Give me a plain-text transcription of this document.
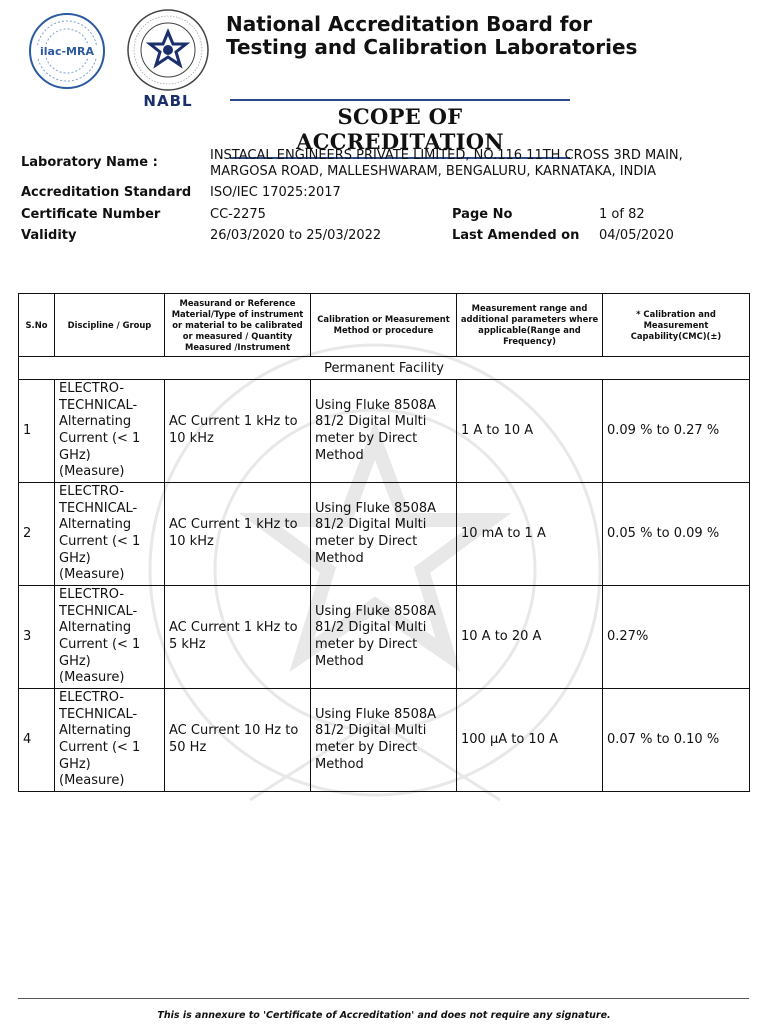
ilac-MRA
NABL
National Accreditation Board for
Testing and Calibration Laboratories
SCOPE OF ACCREDITATION
Laboratory Name :	INSTACAL ENGINEERS PRIVATE LIMITED, NO.116 11TH CROSS 3RD MAIN,
MARGOSA ROAD, MALLESHWARAM, BENGALURU, KARNATAKA, INDIA
Accreditation Standard ISO/IEC 17025:2017
Certificate Number	CC-2275	Page No	1 of 82
Validity	26/03/2020 to 25/03/2022	Last Amended on 04/05/2020
S.No	Discipline / Group	Measurand or Reference Material/Type of instrument or material to be calibrated or measured / Quantity Measured /Instrument	Calibration or Measurement Method or procedure	Measurement range and additional parameters where applicable(Range and Frequency)	* Calibration and Measurement Capability(CMC)(±)
Permanent Facility					
1	ELECTRO-TECHNICAL- Alternating Current (< 1 GHz) (Measure)	AC Current 1 kHz to 10 kHz	Using Fluke 8508A 81/2 Digital Multi meter by Direct Method	1 A to 10 A	0.09 % to 0.27 %
2	ELECTRO-TECHNICAL- Alternating Current (< 1 GHz) (Measure)	AC Current 1 kHz to 10 kHz	Using Fluke 8508A 81/2 Digital Multi meter by Direct Method	10 mA to 1 A	0.05 % to 0.09 %
3	ELECTRO-TECHNICAL- Alternating Current (< 1 GHz) (Measure)	AC Current 1 kHz to 5 kHz	Using Fluke 8508A 81/2 Digital Multi meter by Direct Method	10 A to 20 A	0.27%
4	ELECTRO-TECHNICAL- Alternating Current (< 1 GHz) (Measure)	AC Current 10 Hz to 50 Hz	Using Fluke 8508A 81/2 Digital Multi meter by Direct Method	100 µA to 10 A	0.07 % to 0.10 %
This is annexure to 'Certificate of Accreditation' and does not require any signature.
